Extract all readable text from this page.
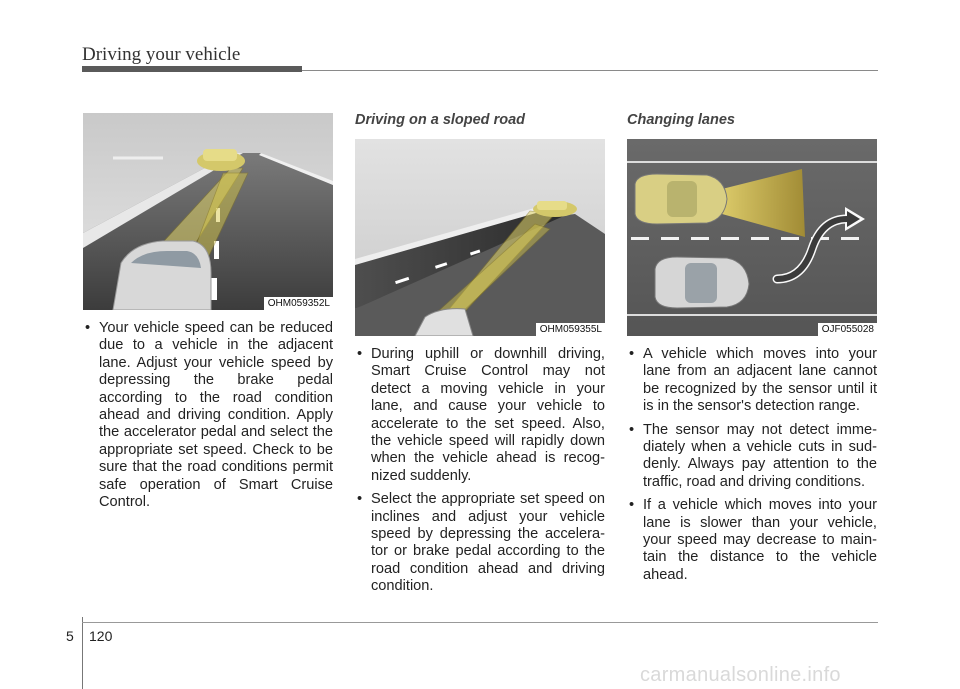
Driving your vehicle
OHM059352L
• Your vehicle speed can be reduced due to a vehicle in the adjacent lane. Adjust your vehicle speed by depressing the brake pedal according to the road condition ahead and driving condition. Apply the accelerator pedal and select the appropriate set speed. Check to be sure that the road conditions permit safe operation of Smart Cruise Control.
Driving on a sloped road
OHM059355L
• During uphill or downhill driving, Smart Cruise Control may not detect a moving vehicle in your lane, and cause your vehicle to accelerate to the set speed. Also, the vehicle speed will rapidly down when the vehicle ahead is recog-nized suddenly.
• Select the appropriate set speed on inclines and adjust your vehicle speed by depressing the accelera-tor or brake pedal according to the road condition ahead and driving condition.
Changing lanes
OJF055028
• A vehicle which moves into your lane from an adjacent lane cannot be recognized by the sensor until it is in the sensor's detection range.
• The sensor may not detect imme-diately when a vehicle cuts in sud-denly. Always pay attention to the traffic, road and driving conditions.
• If a vehicle which moves into your lane is slower than your vehicle, your speed may decrease to main-tain the distance to the vehicle ahead.
5 120
carmanualsonline.info
